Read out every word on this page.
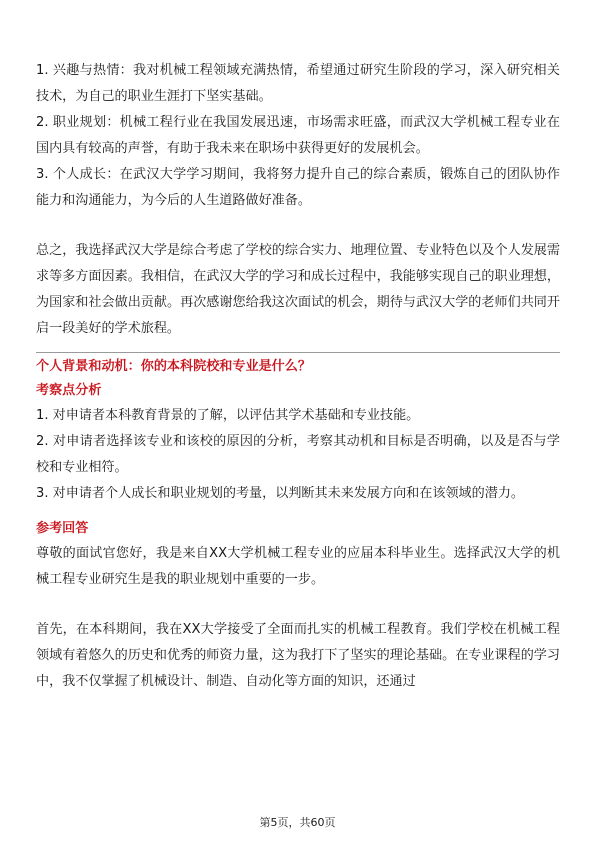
1. 兴趣与热情：我对机械工程领域充满热情，希望通过研究生阶段的学习，深入研究相关技术，为自己的职业生涯打下坚实基础。

2. 职业规划：机械工程行业在我国发展迅速，市场需求旺盛，而武汉大学机械工程专业在国内具有较高的声誉，有助于我未来在职场中获得更好的发展机会。

3. 个人成长：在武汉大学学习期间，我将努力提升自己的综合素质，锻炼自己的团队协作能力和沟通能力，为今后的人生道路做好准备。

总之，我选择武汉大学是综合考虑了学校的综合实力、地理位置、专业特色以及个人发展需求等多方面因素。我相信，在武汉大学的学习和成长过程中，我能够实现自己的职业理想，为国家和社会做出贡献。再次感谢您给我这次面试的机会，期待与武汉大学的老师们共同开启一段美好的学术旅程。

个人背景和动机：你的本科院校和专业是什么？
考察点分析

1. 对申请者本科教育背景的了解，以评估其学术基础和专业技能。

2. 对申请者选择该专业和该校的原因的分析，考察其动机和目标是否明确，以及是否与学校和专业相符。

3. 对申请者个人成长和职业规划的考量，以判断其未来发展方向和在该领域的潜力。

参考回答

尊敬的面试官您好，我是来自XX大学机械工程专业的应届本科毕业生。选择武汉大学的机械工程专业研究生是我的职业规划中重要的一步。

首先，在本科期间，我在XX大学接受了全面而扎实的机械工程教育。我们学校在机械工程领域有着悠久的历史和优秀的师资力量，这为我打下了坚实的理论基础。在专业课程的学习中，我不仅掌握了机械设计、制造、自动化等方面的知识，还通过

第5页，共60页
